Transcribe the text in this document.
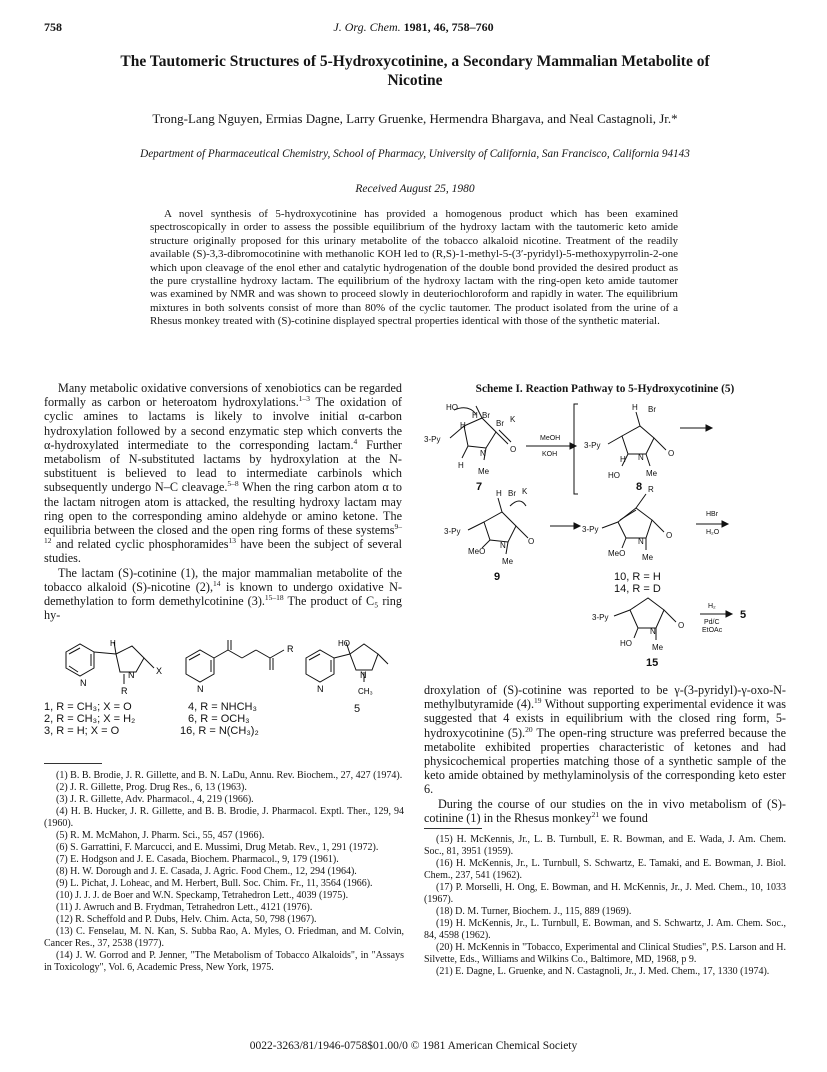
758	J. Org. Chem. 1981, 46, 758–760
The Tautomeric Structures of 5-Hydroxycotinine, a Secondary Mammalian Metabolite of Nicotine
Trong-Lang Nguyen, Ermias Dagne, Larry Gruenke, Hermendra Bhargava, and Neal Castagnoli, Jr.*
Department of Pharmaceutical Chemistry, School of Pharmacy, University of California, San Francisco, California 94143
Received August 25, 1980
A novel synthesis of 5-hydroxycotinine has provided a homogenous product which has been examined spectroscopically in order to assess the possible equilibrium of the hydroxy lactam with the tautomeric keto amide structure originally proposed for this urinary metabolite of the tobacco alkaloid nicotine. Treatment of the readily available (S)-3,3-dibromocotinine with methanolic KOH led to (R,S)-1-methyl-5-(3′-pyridyl)-5-methoxypyrrolin-2-one which upon cleavage of the enol ether and catalytic hydrogenation of the double bond provided the desired product as the pure crystalline hydroxy lactam. The equilibrium of the hydroxy lactam with the ring-open keto amide tautomer was examined by NMR and was shown to proceed slowly in deuteriochloroform and rapidly in water. The equilibrium mixtures in both solvents consist of more than 80% of the cyclic tautomer. The product isolated from the urine of a Rhesus monkey treated with (S)-cotinine displayed spectral properties identical with those of the synthetic material.

Many metabolic oxidative conversions of xenobiotics can be regarded formally as carbon or heteroatom hydroxylations.$^{1-3}$ The oxidation of cyclic amines to lactams is likely to involve initial α-carbon hydroxylation followed by a second enzymatic step which converts the α-hydroxylated intermediate to the corresponding lactam.$^4$ Further metabolism of N-substituted lactams by hydroxylation at the N-substituent is believed to lead to intermediate carbinols which subsequently undergo N–C cleavage.$^{5-8}$ When the ring carbon atom α to the lactam nitrogen atom is attacked, the resulting hydroxy lactam may ring open to the corresponding amino aldehyde or amino ketone. The equilibria between the closed and the open ring forms of these systems$^{9-12}$ and related cyclic phosphoramides$^{13}$ have been the subject of several studies.

The lactam (S)-cotinine (1), the major mammalian metabolite of the tobacco alkaloid (S)-nicotine (2),$^{14}$ is known to undergo oxidative N-demethylation to form demethylcotinine (3).$^{15-18}$ The product of C₅ ring hy-

N
H
N
R
X
N
R
N
HO
N
CH₃
1, R = CH₃; X = O
2, R = CH₃; X = H₂
3, R = H; X = O
4, R = NHCH₃
6, R = OCH₃
16, R = N(CH₃)₂
5

(1) B. B. Brodie, J. R. Gillette, and B. N. LaDu, Annu. Rev. Biochem., 27, 427 (1974).

(2) J. R. Gillette, Prog. Drug Res., 6, 13 (1963).

(3) J. R. Gillette, Adv. Pharmacol., 4, 219 (1966).

(4) H. B. Hucker, J. R. Gillette, and B. B. Brodie, J. Pharmacol. Exptl. Ther., 129, 94 (1960).

(5) R. M. McMahon, J. Pharm. Sci., 55, 457 (1966).

(6) S. Garrattini, F. Marcucci, and E. Mussimi, Drug Metab. Rev., 1, 291 (1972).

(7) E. Hodgson and J. E. Casada, Biochem. Pharmacol., 9, 179 (1961).

(8) H. W. Dorough and J. E. Casada, J. Agric. Food Chem., 12, 294 (1964).

(9) L. Pichat, J. Loheac, and M. Herbert, Bull. Soc. Chim. Fr., 11, 3564 (1966).

(10) J. J. J. de Boer and W.N. Speckamp, Tetrahedron Lett., 4039 (1975).

(11) J. Awruch and B. Frydman, Tetrahedron Lett., 4121 (1976).

(12) R. Scheffold and P. Dubs, Helv. Chim. Acta, 50, 798 (1967).

(13) C. Fenselau, M. N. Kan, S. Subba Rao, A. Myles, O. Friedman, and M. Colvin, Cancer Res., 37, 2538 (1977).

(14) J. W. Gorrod and P. Jenner, "The Metabolism of Tobacco Alkaloids", in "Assays in Toxicology", Vol. 6, Academic Press, New York, 1975.

Scheme I. Reaction Pathway to 5-Hydroxycotinine (5)
HO
H Br
H	Br K
3-Py
N	O
H
Me
MeOH
KOH
H Br
3-Py
H N	O
HO	Me
H Br K
3-Py
N	O
MeO
Me
R
3-Py
N
O
MeO Me
HBr
H₂O
3-Py
N
O
HO	Me
H₂
Pd/C
EtOAc
7	8
9	10, R = H
14, R = D
5
15

droxylation of (S)-cotinine was reported to be γ-(3-pyridyl)-γ-oxo-N-methylbutyramide (4).$^{19}$ Without supporting experimental evidence it was suggested that 4 exists in equilibrium with the closed ring form, 5-hydroxycotinine (5).$^{20}$ The open-ring structure was preferred because the metabolite exhibited properties characteristic of ketones and had physicochemical properties matching those of a synthetic sample of the keto amide obtained by methylaminolysis of the corresponding keto ester 6.

During the course of our studies on the in vivo metabolism of (S)-cotinine (1) in the Rhesus monkey$^{21}$ we found

(15) H. McKennis, Jr., L. B. Turnbull, E. R. Bowman, and E. Wada, J. Am. Chem. Soc., 81, 3951 (1959).

(16) H. McKennis, Jr., L. Turnbull, S. Schwartz, E. Tamaki, and E. Bowman, J. Biol. Chem., 237, 541 (1962).

(17) P. Morselli, H. Ong, E. Bowman, and H. McKennis, Jr., J. Med. Chem., 10, 1033 (1967).

(18) D. M. Turner, Biochem. J., 115, 889 (1969).

(19) H. McKennis, Jr., L. Turnbull, E. Bowman, and S. Schwartz, J. Am. Chem. Soc., 84, 4598 (1962).

(20) H. McKennis in "Tobacco, Experimental and Clinical Studies", P.S. Larson and H. Silvette, Eds., Williams and Wilkins Co., Baltimore, MD, 1968, p 9.

(21) E. Dagne, L. Gruenke, and N. Castagnoli, Jr., J. Med. Chem., 17, 1330 (1974).

0022-3263/81/1946-0758$01.00/0 © 1981 American Chemical Society
